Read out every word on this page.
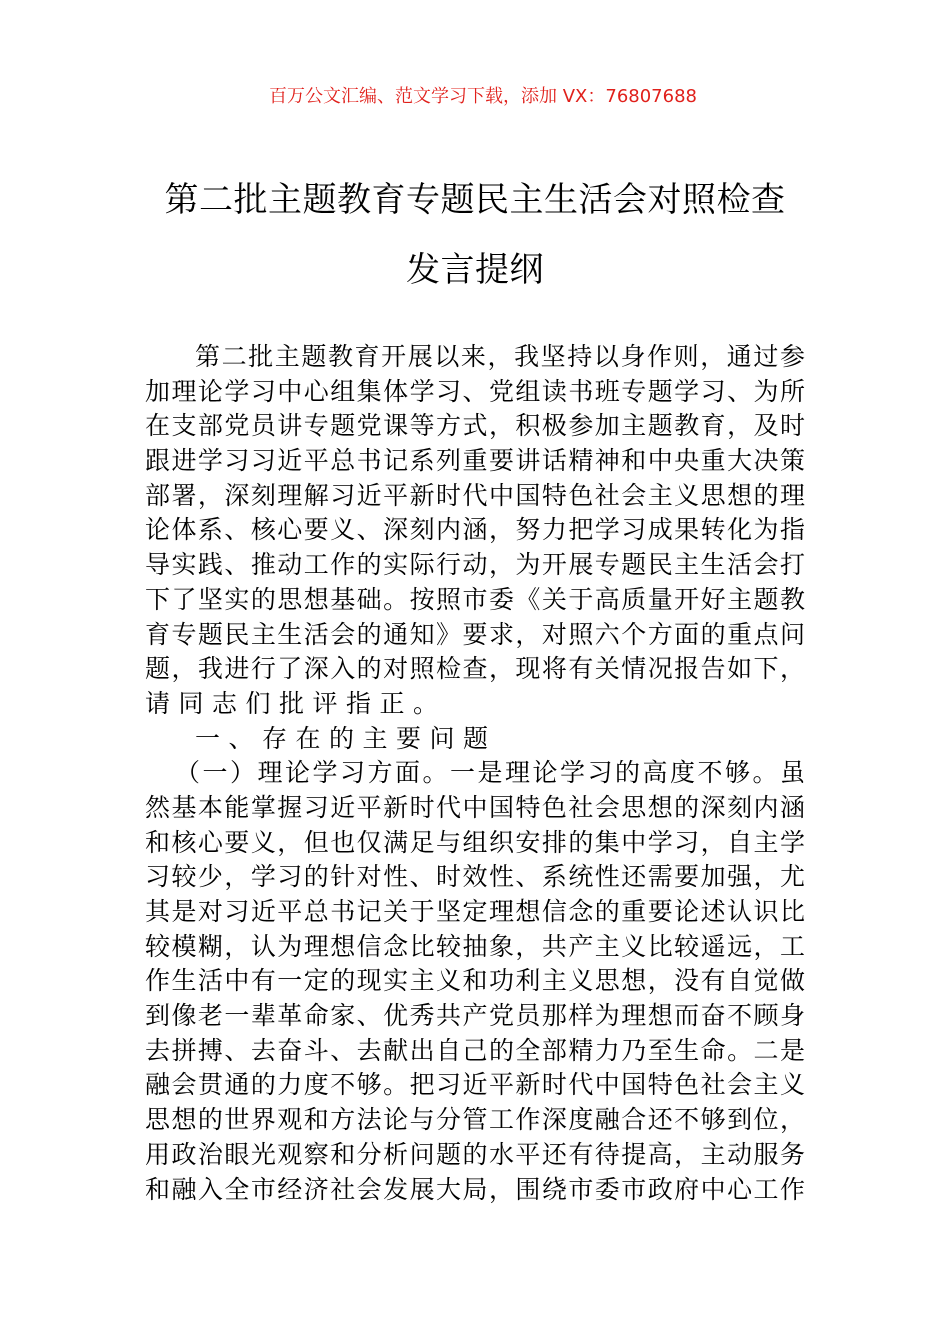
百万公文汇编、范文学习下载，添加 VX：76807688
第二批主题教育专题民主生活会对照检查
发言提纲
第二批主题教育开展以来，我坚持以身作则，通过参
加理论学习中心组集体学习、党组读书班专题学习、为所
在支部党员讲专题党课等方式，积极参加主题教育，及时
跟进学习习近平总书记系列重要讲话精神和中央重大决策
部署，深刻理解习近平新时代中国特色社会主义思想的理
论体系、核心要义、深刻内涵，努力把学习成果转化为指
导实践、推动工作的实际行动，为开展专题民主生活会打
下了坚实的思想基础。按照市委《关于高质量开好主题教
育专题民主生活会的通知》要求，对照六个方面的重点问
题，我进行了深入的对照检查，现将有关情况报告如下，
请同志们批评指正。
一、存在的主要问题
（一）理论学习方面。一是理论学习的高度不够。虽
然基本能掌握习近平新时代中国特色社会思想的深刻内涵
和核心要义，但也仅满足与组织安排的集中学习，自主学
习较少，学习的针对性、时效性、系统性还需要加强，尤
其是对习近平总书记关于坚定理想信念的重要论述认识比
较模糊，认为理想信念比较抽象，共产主义比较遥远，工
作生活中有一定的现实主义和功利主义思想，没有自觉做
到像老一辈革命家、优秀共产党员那样为理想而奋不顾身
去拼搏、去奋斗、去献出自己的全部精力乃至生命。二是
融会贯通的力度不够。把习近平新时代中国特色社会主义
思想的世界观和方法论与分管工作深度融合还不够到位，
用政治眼光观察和分析问题的水平还有待提高，主动服务
和融入全市经济社会发展大局，围绕市委市政府中心工作
